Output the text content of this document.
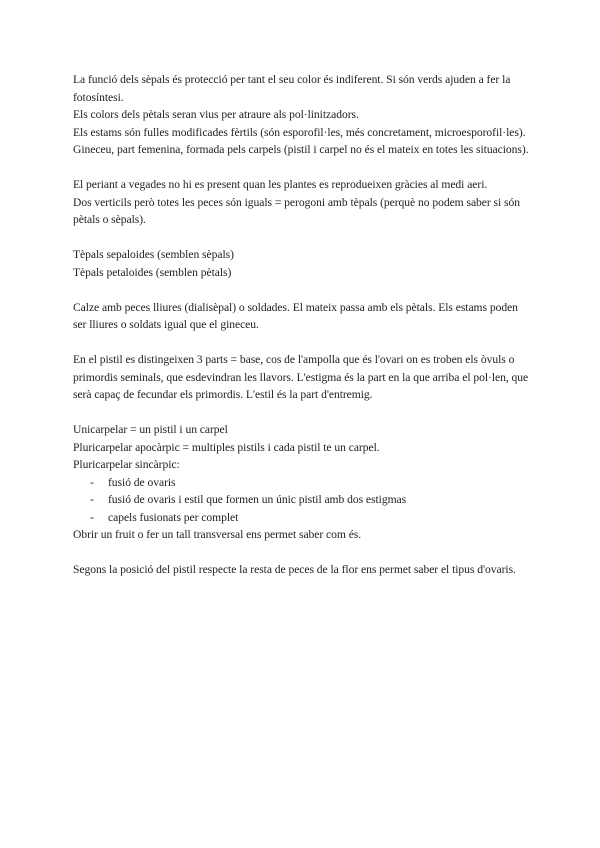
La funció dels sèpals és protecció per tant el seu color és indiferent. Si són verds ajuden a fer la fotosíntesi.

Els colors dels pètals seran vius per atraure als pol·linitzadors.

Els estams són fulles modificades fèrtils (són esporofil·les, més concretament, microesporofil·les).

Gineceu, part femenina, formada pels carpels (pistil i carpel no és el mateix en totes les situacions).

El periant a vegades no hi es present quan les plantes es reprodueixen gràcies al medi aeri.

Dos verticils però totes les peces són iguals = perogoni amb tèpals (perquè no podem saber si són pètals o sèpals).

Tèpals sepaloides (semblen sèpals)

Tèpals petaloides (semblen pètals)

Calze amb peces lliures (dialisèpal) o soldades. El mateix passa amb els pètals. Els estams poden ser lliures o soldats igual que el gineceu.

En el pistil es distingeixen 3 parts = base, cos de l'ampolla que és l'ovari on es troben els òvuls o primordis seminals, que esdevindran les llavors. L'estigma és la part en la que arriba el pol·len, que serà capaç de fecundar els primordis. L'estil és la part d'entremig.

Unicarpelar = un pistil i un carpel

Pluricarpelar apocàrpic = multiples pistils i cada pistil te un carpel.

Pluricarpelar sincàrpic:

- fusió de ovaris
- fusió de ovaris i estil que formen un únic pistil amb dos estigmas
- capels fusionats per complet

Obrir un fruit o fer un tall transversal ens permet saber com és.

Segons la posició del pistil respecte la resta de peces de la flor ens permet saber el tipus d'ovaris.
